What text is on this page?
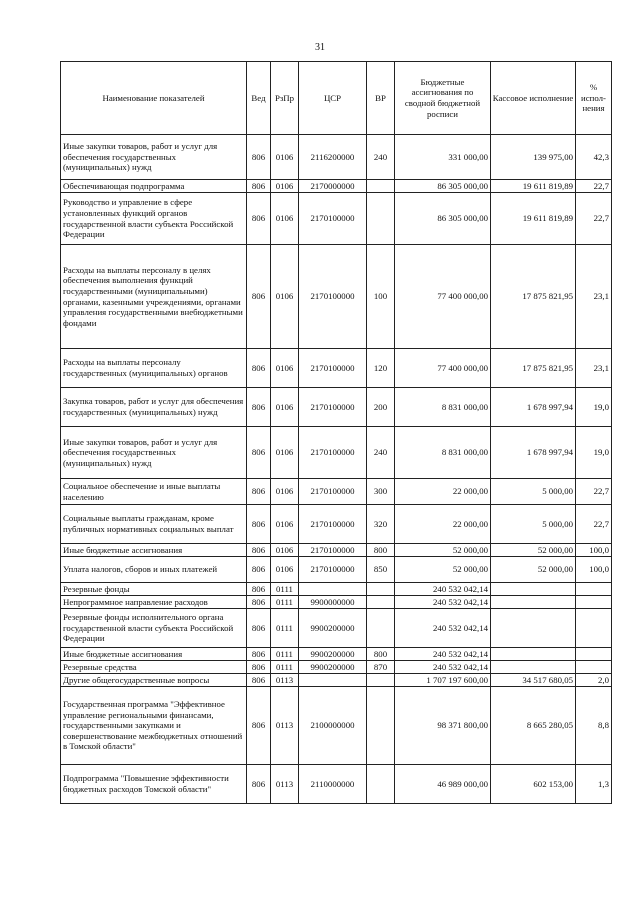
31
Наименование показателей	Вед	РзПр	ЦСР	ВР	Бюджетные ассигнования по сводной бюджетной росписи	Кассовое исполнение	% испол-нения
Иные закупки товаров, работ и услуг для обеспечения государственных (муниципальных) нужд	806	0106	2116200000	240	331 000,00	139 975,00	42,3
Обеспечивающая подпрограмма	806	0106	2170000000		86 305 000,00	19 611 819,89	22,7
Руководство и управление в сфере установленных функций органов государственной власти субъекта Российской Федерации	806	0106	2170100000		86 305 000,00	19 611 819,89	22,7
Расходы на выплаты персоналу в целях обеспечения выполнения функций государственными (муниципальными) органами, казенными учреждениями, органами управления государственными внебюджетными фондами	806	0106	2170100000	100	77 400 000,00	17 875 821,95	23,1
Расходы на выплаты персоналу государственных (муниципальных) органов	806	0106	2170100000	120	77 400 000,00	17 875 821,95	23,1
Закупка товаров, работ и услуг для обеспечения государственных (муниципальных) нужд	806	0106	2170100000	200	8 831 000,00	1 678 997,94	19,0
Иные закупки товаров, работ и услуг для обеспечения государственных (муниципальных) нужд	806	0106	2170100000	240	8 831 000,00	1 678 997,94	19,0
Социальное обеспечение и иные выплаты населению	806	0106	2170100000	300	22 000,00	5 000,00	22,7
Социальные выплаты гражданам, кроме публичных нормативных социальных выплат	806	0106	2170100000	320	22 000,00	5 000,00	22,7
Иные бюджетные ассигнования	806	0106	2170100000	800	52 000,00	52 000,00	100,0
Уплата налогов, сборов и иных платежей	806	0106	2170100000	850	52 000,00	52 000,00	100,0
Резервные фонды	806	0111			240 532 042,14		
Непрограммное направление расходов	806	0111	9900000000		240 532 042,14		
Резервные фонды исполнительного органа государственной власти субъекта Российской Федерации	806	0111	9900200000		240 532 042,14		
Иные бюджетные ассигнования	806	0111	9900200000	800	240 532 042,14		
Резервные средства	806	0111	9900200000	870	240 532 042,14		
Другие общегосударственные вопросы	806	0113			1 707 197 600,00	34 517 680,05	2,0
Государственная программа "Эффективное управление региональными финансами, государственными закупками и совершенствование межбюджетных отношений в Томской области"	806	0113	2100000000		98 371 800,00	8 665 280,05	8,8
Подпрограмма "Повышение эффективности бюджетных расходов Томской области"	806	0113	2110000000		46 989 000,00	602 153,00	1,3
